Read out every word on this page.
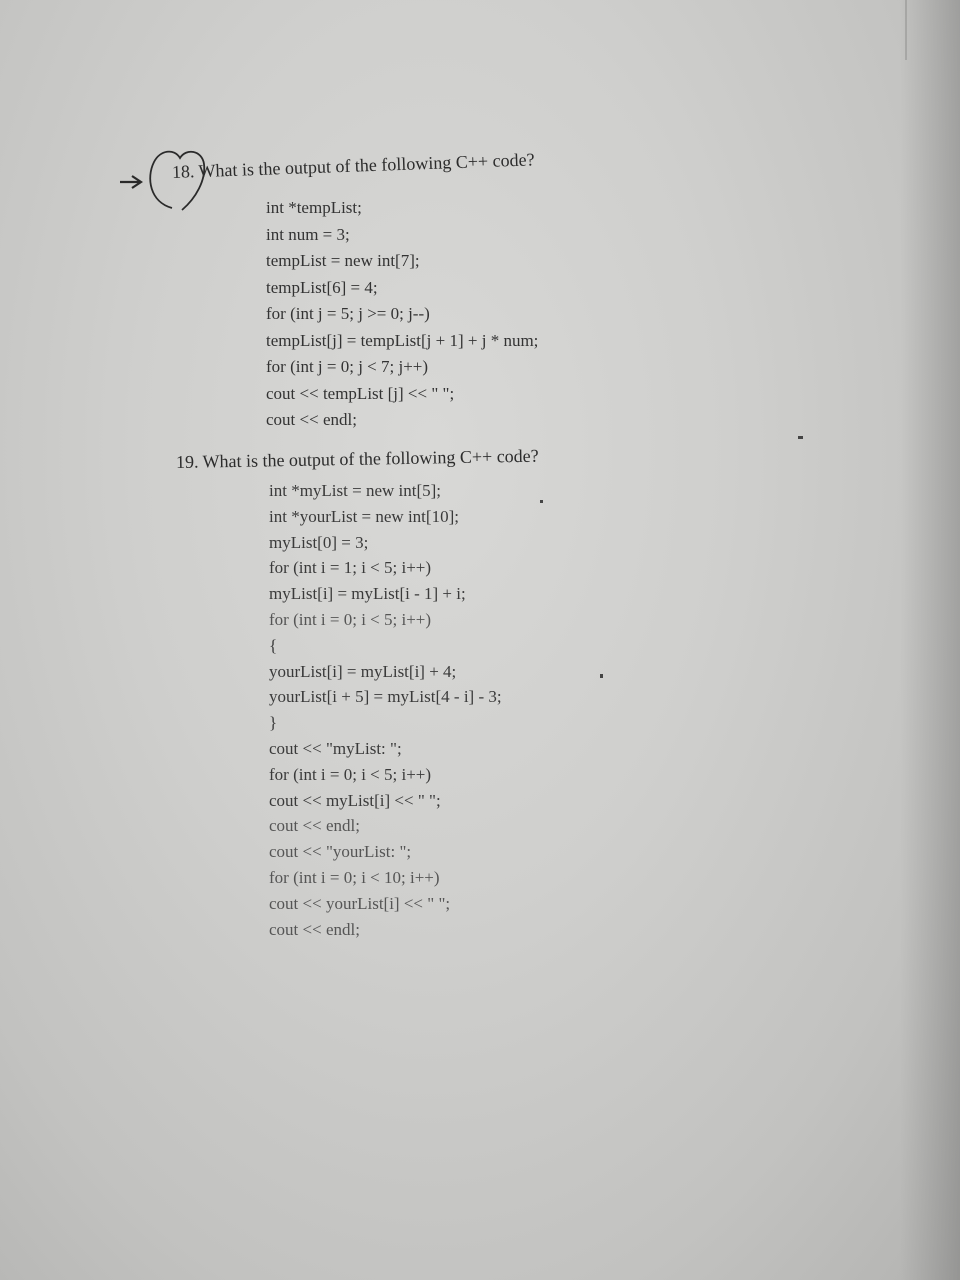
18. What is the output of the following C++ code?
int *tempList;
int num = 3;
tempList = new int[7];
tempList[6] = 4;
for (int j = 5; j >= 0; j--)
tempList[j] = tempList[j + 1] + j * num;
for (int j = 0; j < 7; j++)
cout << tempList [j] << " ";
cout << endl;
19. What is the output of the following C++ code?
int *myList = new int[5];
int *yourList = new int[10];
myList[0] = 3;
for (int i = 1; i < 5; i++)
myList[i] = myList[i - 1] + i;
for (int i = 0; i < 5; i++)
{
yourList[i] = myList[i] + 4;
yourList[i + 5] = myList[4 - i] - 3;
}
cout << "myList: ";
for (int i = 0; i < 5; i++)
cout << myList[i] << " ";
cout << endl;
cout << "yourList: ";
for (int i = 0; i < 10; i++)
cout << yourList[i] << " ";
cout << endl;
